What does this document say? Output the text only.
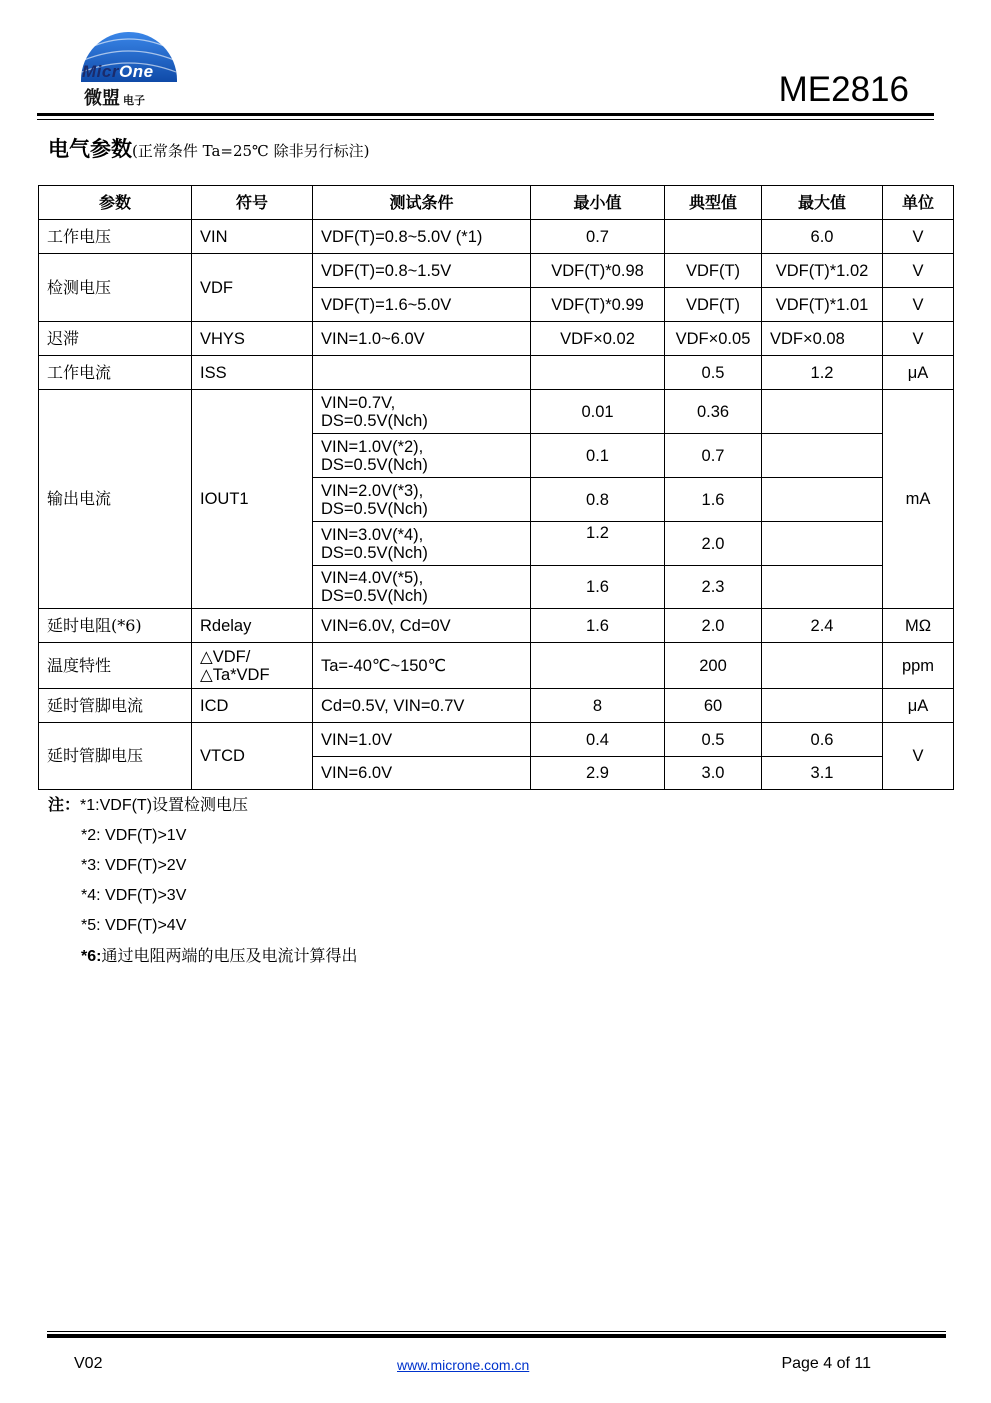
MicrOne
微盟 电子	ME2816
电气参数(正常条件 Ta=25℃ 除非另行标注)
参数	符号	测试条件	最小值	典型值	最大值	单位
工作电压	VIN	VDF(T)=0.8~5.0V (*1)	0.7		6.0	V
检测电压	VDF	VDF(T)=0.8~1.5V	VDF(T)*0.98	VDF(T)	VDF(T)*1.02	V
		VDF(T)=1.6~5.0V	VDF(T)*0.99	VDF(T)	VDF(T)*1.01	V
迟滞	VHYS	VIN=1.0~6.0V	VDF×0.02	VDF×0.05	VDF×0.08	V
工作电流	ISS			0.5	1.2	μA
输出电流	IOUT1	VIN=0.7V,
DS=0.5V(Nch)	0.01	0.36		mA
		VIN=1.0V(*2),
DS=0.5V(Nch)	0.1	0.7		
		VIN=2.0V(*3),
DS=0.5V(Nch)	0.8	1.6		
		VIN=3.0V(*4),
DS=0.5V(Nch)	1.2	2.0		
		VIN=4.0V(*5),
DS=0.5V(Nch)	1.6	2.3		
延时电阻(*6)	Rdelay	VIN=6.0V, Cd=0V	1.6	2.0	2.4	MΩ
温度特性	△VDF/
△Ta*VDF	Ta=-40℃~150℃		200		ppm
延时管脚电流	ICD	Cd=0.5V, VIN=0.7V	8	60		μA
延时管脚电压	VTCD	VIN=1.0V	0.4	0.5	0.6	V
		VIN=6.0V	2.9	3.0	3.1	
注：*1:VDF(T)设置检测电压
*2: VDF(T)>1V
*3: VDF(T)>2V
*4: VDF(T)>3V
*5: VDF(T)>4V
*6:通过电阻两端的电压及电流计算得出
V02	www.microne.com.cn	Page 4 of 11
